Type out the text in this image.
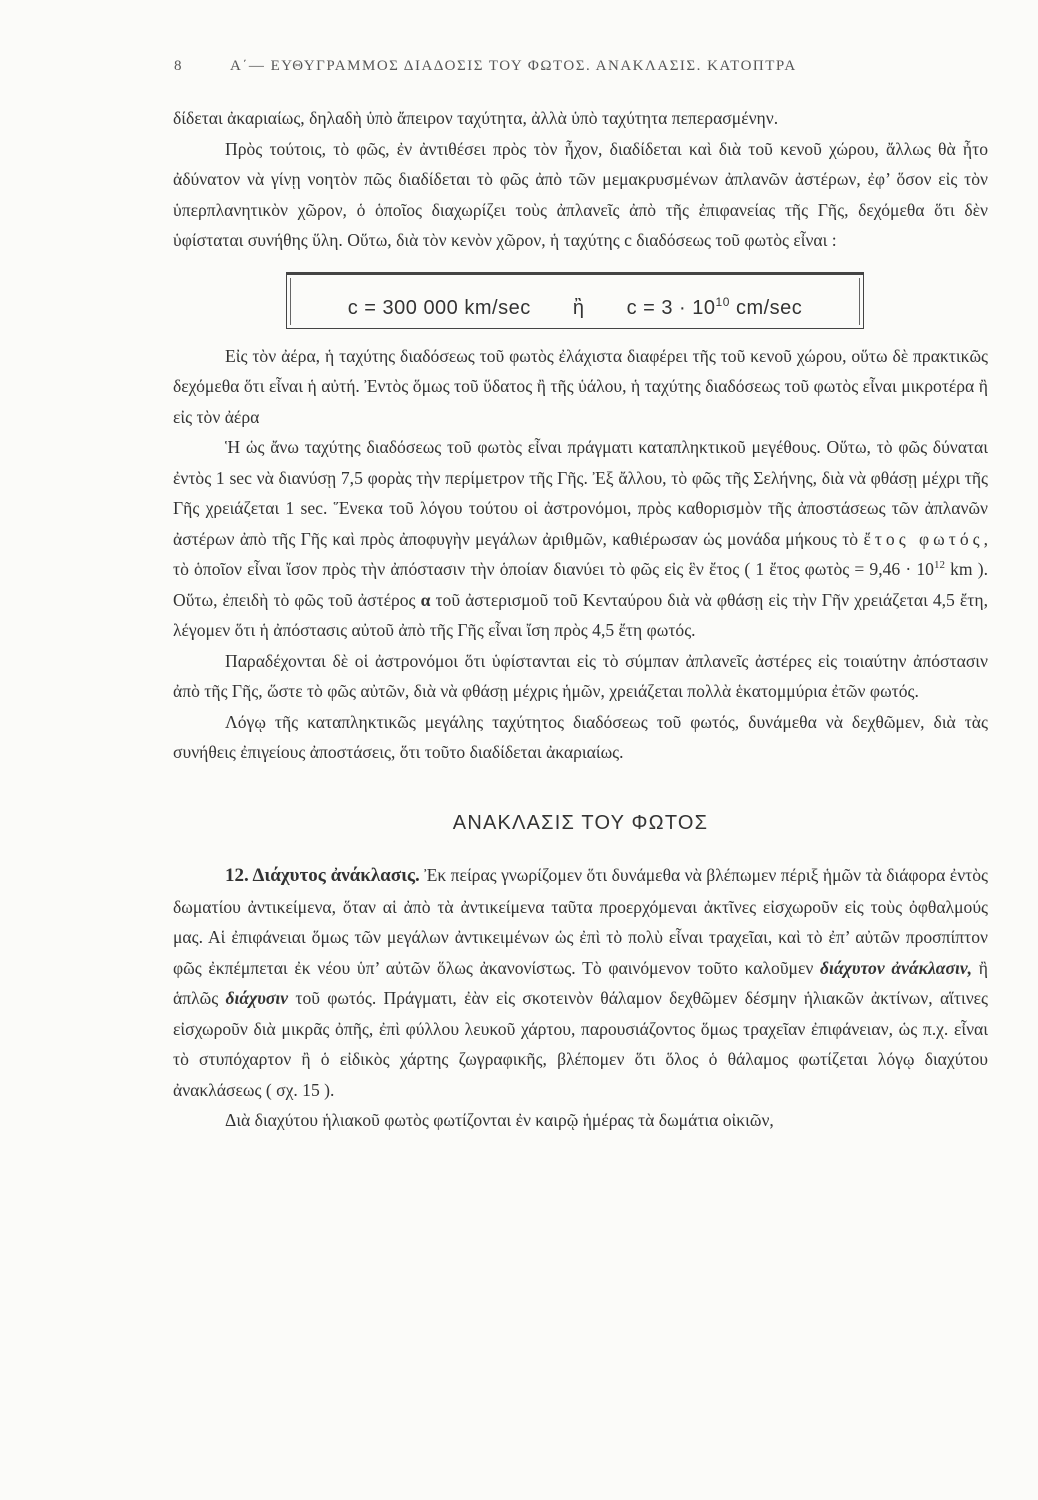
8	Α΄— ΕΥΘΥΓΡΑΜΜΟΣ ΔΙΑΔΟΣΙΣ ΤΟΥ ΦΩΤΟΣ. ΑΝΑΚΛΑΣΙΣ. ΚΑΤΟΠΤΡΑ

δίδεται ἀκαριαίως, δηλαδὴ ὑπὸ ἄπειρον ταχύτητα, ἀλλὰ ὑπὸ ταχύτητα πεπερασμένην.

Πρὸς τούτοις, τὸ φῶς, ἐν ἀντιθέσει πρὸς τὸν ἦχον, διαδίδεται καὶ διὰ τοῦ κενοῦ χώρου, ἄλλως θὰ ἦτο ἀδύνατον νὰ γίνῃ νοητὸν πῶς διαδίδεται τὸ φῶς ἀπὸ τῶν μεμακρυσμένων ἀπλανῶν ἀστέρων, ἐφ’ ὅσον εἰς τὸν ὑπερπλανητικὸν χῶρον, ὁ ὁποῖος διαχωρίζει τοὺς ἀπλανεῖς ἀπὸ τῆς ἐπιφανείας τῆς Γῆς, δεχόμεθα ὅτι δὲν ὑφίσταται συνήθης ὕλη. Οὕτω, διὰ τὸν κενὸν χῶρον, ἡ ταχύτης c διαδόσεως τοῦ φωτὸς εἶναι :

c = 300 000 km/sec ἢ $c = 3 \cdot 10^{10}$ cm/sec

Εἰς τὸν ἀέρα, ἡ ταχύτης διαδόσεως τοῦ φωτὸς ἐλάχιστα διαφέρει τῆς τοῦ κενοῦ χώρου, οὕτω δὲ πρακτικῶς δεχόμεθα ὅτι εἶναι ἡ αὐτή. Ἐντὸς ὅμως τοῦ ὕδατος ἢ τῆς ὑάλου, ἡ ταχύτης διαδόσεως τοῦ φωτὸς εἶναι μικροτέρα ἢ εἰς τὸν ἀέρα

Ἡ ὡς ἄνω ταχύτης διαδόσεως τοῦ φωτὸς εἶναι πράγματι καταπληκτικοῦ μεγέθους. Οὕτω, τὸ φῶς δύναται ἐντὸς 1 sec νὰ διανύσῃ 7,5 φορὰς τὴν περίμετρον τῆς Γῆς. Ἐξ ἄλλου, τὸ φῶς τῆς Σελήνης, διὰ νὰ φθάσῃ μέχρι τῆς Γῆς χρειάζεται 1 sec. Ἕνεκα τοῦ λόγου τούτου οἱ ἀστρονόμοι, πρὸς καθορισμὸν τῆς ἀποστάσεως τῶν ἀπλανῶν ἀστέρων ἀπὸ τῆς Γῆς καὶ πρὸς ἀποφυγὴν μεγάλων ἀριθμῶν, καθιέρωσαν ὡς μονάδα μήκους τὸ ἔτος φωτός, τὸ ὁποῖον εἶναι ἴσον πρὸς τὴν ἀπόστασιν τὴν ὁποίαν διανύει τὸ φῶς εἰς ἓν ἔτος ( 1 ἔτος φωτὸς = $9,46 \cdot 10^{12}$ km ). Οὕτω, ἐπειδὴ τὸ φῶς τοῦ ἀστέρος α τοῦ ἀστερισμοῦ τοῦ Κενταύρου διὰ νὰ φθάσῃ εἰς τὴν Γῆν χρειάζεται 4,5 ἔτη, λέγομεν ὅτι ἡ ἀπόστασις αὐτοῦ ἀπὸ τῆς Γῆς εἶναι ἴση πρὸς 4,5 ἔτη φωτός.

Παραδέχονται δὲ οἱ ἀστρονόμοι ὅτι ὑφίστανται εἰς τὸ σύμπαν ἀπλανεῖς ἀστέρες εἰς τοιαύτην ἀπόστασιν ἀπὸ τῆς Γῆς, ὥστε τὸ φῶς αὐτῶν, διὰ νὰ φθάσῃ μέχρις ἡμῶν, χρειάζεται πολλὰ ἑκατομμύρια ἐτῶν φωτός.

Λόγῳ τῆς καταπληκτικῶς μεγάλης ταχύτητος διαδόσεως τοῦ φωτός, δυνάμεθα νὰ δεχθῶμεν, διὰ τὰς συνήθεις ἐπιγείους ἀποστάσεις, ὅτι τοῦτο διαδίδεται ἀκαριαίως.

ΑΝΑΚΛΑΣΙΣ ΤΟΥ ΦΩΤΟΣ

12. Διάχυτος ἀνάκλασις. Ἐκ πείρας γνωρίζομεν ὅτι δυνάμεθα νὰ βλέπωμεν πέριξ ἡμῶν τὰ διάφορα ἐντὸς δωματίου ἀντικείμενα, ὅταν αἱ ἀπὸ τὰ ἀντικείμενα ταῦτα προερχόμεναι ἀκτῖνες εἰσχωροῦν εἰς τοὺς ὀφθαλμούς μας. Αἱ ἐπιφάνειαι ὅμως τῶν μεγάλων ἀντικειμένων ὡς ἐπὶ τὸ πολὺ εἶναι τραχεῖαι, καὶ τὸ ἐπ’ αὐτῶν προσπίπτον φῶς ἐκπέμπεται ἐκ νέου ὑπ’ αὐτῶν ὅλως ἀκανονίστως. Τὸ φαινόμενον τοῦτο καλοῦμεν διάχυτον ἀνάκλασιν, ἢ ἁπλῶς διάχυσιν τοῦ φωτός. Πράγματι, ἐὰν εἰς σκοτεινὸν θάλαμον δεχθῶμεν δέσμην ἡλιακῶν ἀκτίνων, αἵτινες εἰσχωροῦν διὰ μικρᾶς ὀπῆς, ἐπὶ φύλλου λευκοῦ χάρτου, παρουσιάζοντος ὅμως τραχεῖαν ἐπιφάνειαν, ὡς π.χ. εἶναι τὸ στυπόχαρτον ἢ ὁ εἰδικὸς χάρτης ζωγραφικῆς, βλέπομεν ὅτι ὅλος ὁ θάλαμος φωτίζεται λόγῳ διαχύτου ἀνακλάσεως ( σχ. 15 ).

Διὰ διαχύτου ἡλιακοῦ φωτὸς φωτίζονται ἐν καιρῷ ἡμέρας τὰ δωμάτια οἰκιῶν,
